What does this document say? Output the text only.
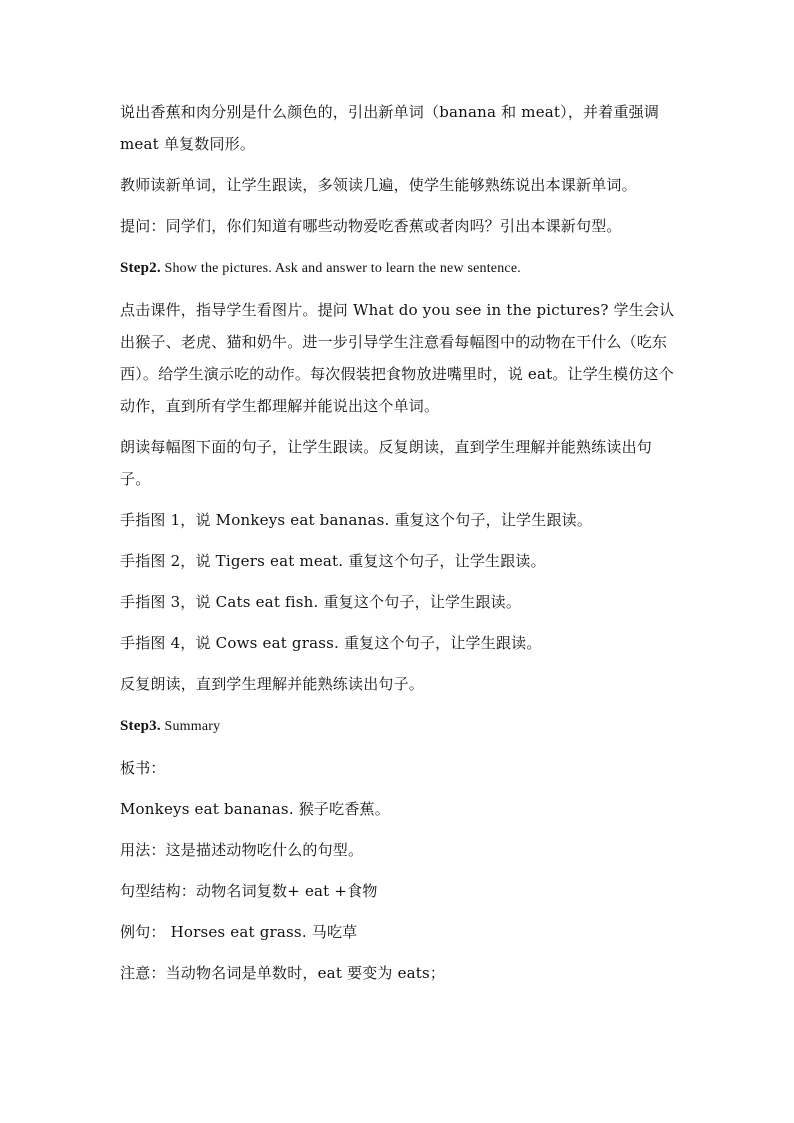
说出香蕉和肉分别是什么颜色的，引出新单词（banana 和 meat），并着重强调 meat 单复数同形。

教师读新单词，让学生跟读，多领读几遍，使学生能够熟练说出本课新单词。

提问：同学们，你们知道有哪些动物爱吃香蕉或者肉吗？引出本课新句型。

Step2. Show the pictures. Ask and answer to learn the new sentence.

点击课件，指导学生看图片。提问 What do you see in the pictures? 学生会认出猴子、老虎、猫和奶牛。进一步引导学生注意看每幅图中的动物在干什么（吃东西）。给学生演示吃的动作。每次假装把食物放进嘴里时，说 eat。让学生模仿这个动作，直到所有学生都理解并能说出这个单词。

朗读每幅图下面的句子，让学生跟读。反复朗读，直到学生理解并能熟练读出句子。

手指图 1，说 Monkeys eat bananas. 重复这个句子，让学生跟读。

手指图 2，说 Tigers eat meat. 重复这个句子，让学生跟读。

手指图 3，说 Cats eat fish. 重复这个句子，让学生跟读。

手指图 4，说 Cows eat grass. 重复这个句子，让学生跟读。

反复朗读，直到学生理解并能熟练读出句子。

Step3. Summary

板书：

Monkeys eat bananas. 猴子吃香蕉。

用法：这是描述动物吃什么的句型。

句型结构：动物名词复数+ eat +食物

例句： Horses eat grass. 马吃草

注意：当动物名词是单数时，eat 要变为 eats；
